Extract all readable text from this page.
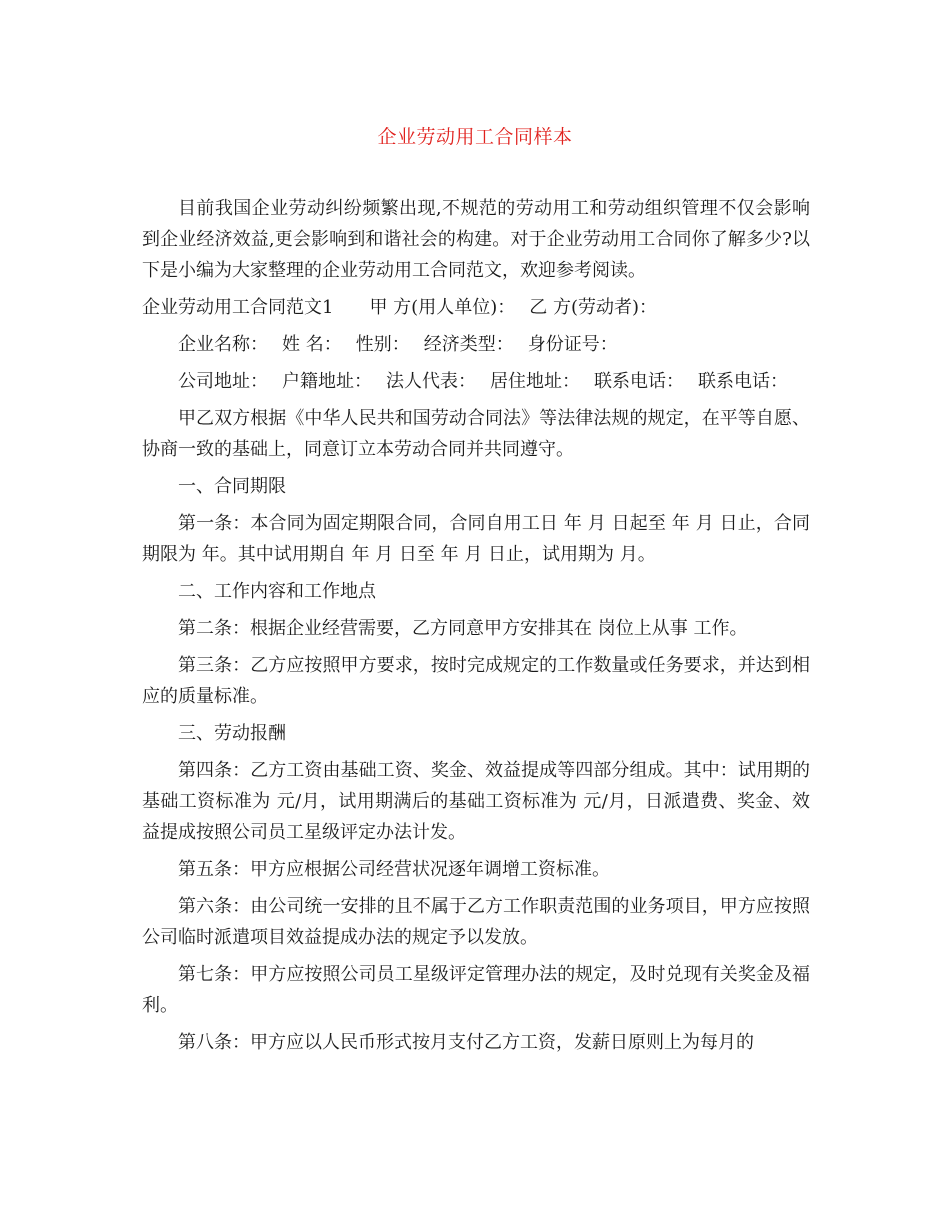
企业劳动用工合同样本

目前我国企业劳动纠纷频繁出现,不规范的劳动用工和劳动组织管理不仅会影响到企业经济效益,更会影响到和谐社会的构建。对于企业劳动用工合同你了解多少?以下是小编为大家整理的企业劳动用工合同范文，欢迎参考阅读。

企业劳动用工合同范文1 甲 方(用人单位)： 乙 方(劳动者)：
企业名称： 姓 名： 性别： 经济类型： 身份证号：
公司地址： 户籍地址： 法人代表： 居住地址： 联系电话： 联系电话：

甲乙双方根据《中华人民共和国劳动合同法》等法律法规的规定，在平等自愿、协商一致的基础上，同意订立本劳动合同并共同遵守。

一、合同期限

第一条：本合同为固定期限合同，合同自用工日 年 月 日起至 年 月 日止，合同期限为 年。其中试用期自 年 月 日至 年 月 日止，试用期为 月。

二、工作内容和工作地点

第二条：根据企业经营需要，乙方同意甲方安排其在 岗位上从事 工作。

第三条：乙方应按照甲方要求，按时完成规定的工作数量或任务要求，并达到相应的质量标准。

三、劳动报酬

第四条：乙方工资由基础工资、奖金、效益提成等四部分组成。其中：试用期的基础工资标准为 元/月，试用期满后的基础工资标准为 元/月，日派遣费、奖金、效益提成按照公司员工星级评定办法计发。

第五条：甲方应根据公司经营状况逐年调增工资标准。

第六条：由公司统一安排的且不属于乙方工作职责范围的业务项目，甲方应按照公司临时派遣项目效益提成办法的规定予以发放。

第七条：甲方应按照公司员工星级评定管理办法的规定，及时兑现有关奖金及福利。

第八条：甲方应以人民币形式按月支付乙方工资，发薪日原则上为每月的
